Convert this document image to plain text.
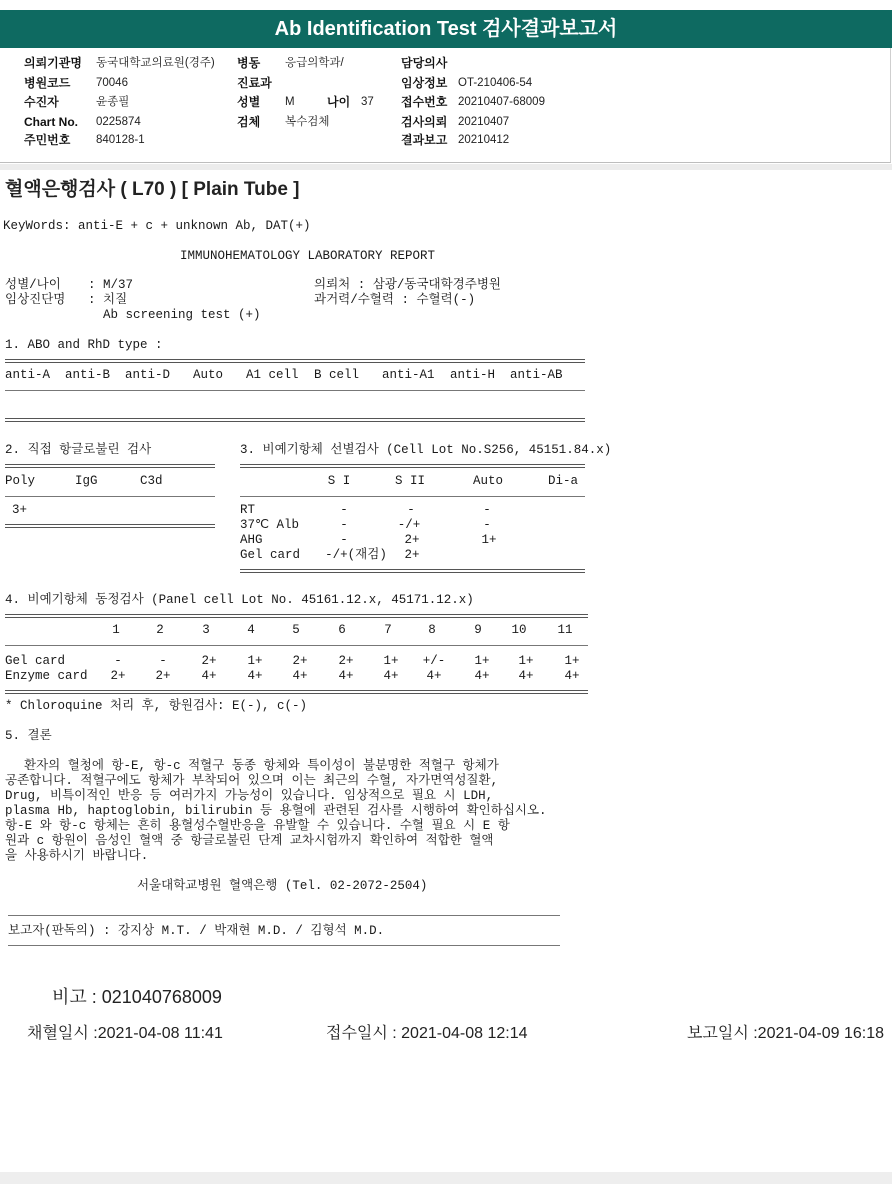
Ab Identification Test 검사결과보고서
의뢰기관명 동국대학교의료원(경주) 병동 응급의학과/	담당의사
병원코드 70046	진료과	임상정보 OT-210406-54
수진자	윤종필	성별 M	나이 37 접수번호 20210407-68009
Chart No. 0225874	검체 복수검체	검사의뢰 20210407
주민번호 840128-1	결과보고 20210412
혈액은행검사 ( L70 ) [ Plain Tube ]
KeyWords: anti-E + c + unknown Ab, DAT(+)
IMMUNOHEMATOLOGY LABORATORY REPORT
성별/나이 : M/37	의뢰처 : 삼광/동국대학경주병원
임상진단명 : 치질	과거력/수혈력 : 수혈력(-)
Ab screening test (+)
1. ABO and RhD type :
anti-A anti-B anti-D Auto A1 cell B cell anti-A1 anti-H anti-AB
2. 직접 항글로불린 검사
Poly	IgG	C3d
3+
3. 비예기항체 선별검사 (Cell Lot No.S256, 45151.84.x)
S I	S II	Auto	Di-a
RT	-	-	-
37℃ Alb	-	-/+	-
AHG	-	2+	1+
Gel card -/+(재검) 2+
4. 비예기항체 동정검사 (Panel cell Lot No. 45161.12.x, 45171.12.x)
1	2	3	4	5	6	7	8	9 10 11
Gel card	-	-	2+ 1+ 2+ 2+ 1+ +/- 1+ 1+ 1+
Enzyme card 2+ 2+ 4+ 4+ 4+ 4+ 4+ 4+	4+ 4+ 4+
* Chloroquine 처리 후, 항원검사: E(-), c(-)
5. 결론
환자의 혈청에 항-E, 항-c 적혈구 동종 항체와 특이성이 불분명한 적혈구 항체가
공존합니다. 적혈구에도 항체가 부착되어 있으며 이는 최근의 수혈, 자가면역성질환,
Drug, 비특이적인 반응 등 여러가지 가능성이 있습니다. 임상적으로 필요 시 LDH,
plasma Hb, haptoglobin, bilirubin 등 용혈에 관련된 검사를 시행하여 확인하십시오.
항-E 와 항-c 항체는 흔히 용혈성수혈반응을 유발할 수 있습니다. 수혈 필요 시 E 항
원과 c 항원이 음성인 혈액 중 항글로불린 단계 교차시험까지 확인하여 적합한 혈액
을 사용하시기 바랍니다.
서울대학교병원 혈액은행 (Tel. 02-2072-2504)
보고자(판독의) : 강지상 M.T. / 박재현 M.D. / 김형석 M.D.
비고 : 021040768009
채혈일시 :2021-04-08 11:41	접수일시 : 2021-04-08 12:14	보고일시 :2021-04-09 16:18
